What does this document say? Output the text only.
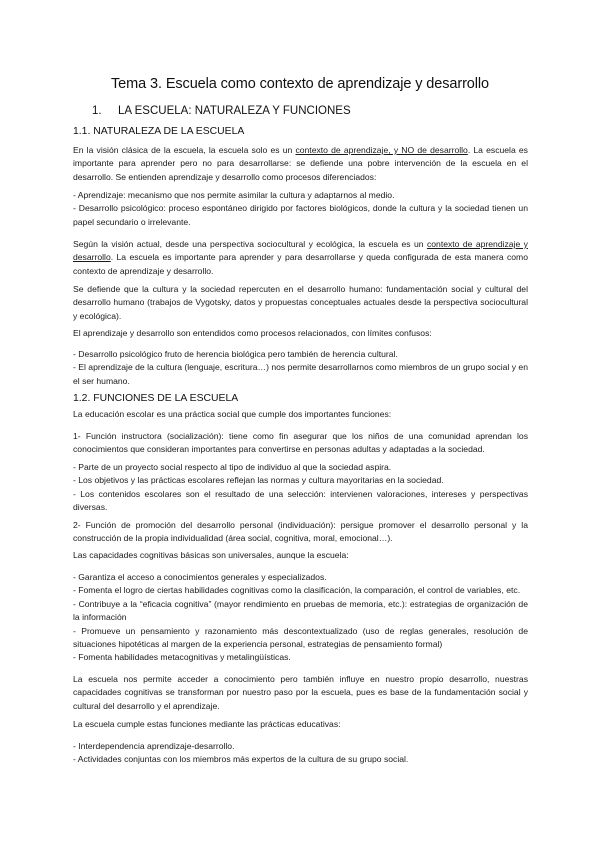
Tema 3. Escuela como contexto de aprendizaje y desarrollo
1. LA ESCUELA: NATURALEZA Y FUNCIONES
1.1. NATURALEZA DE LA ESCUELA
En la visión clásica de la escuela, la escuela solo es un contexto de aprendizaje, y NO de desarrollo. La escuela es importante para aprender pero no para desarrollarse: se defiende una pobre intervención de la escuela en el desarrollo. Se entienden aprendizaje y desarrollo como procesos diferenciados:
- Aprendizaje: mecanismo que nos permite asimilar la cultura y adaptarnos al medio.
- Desarrollo psicológico: proceso espontáneo dirigido por factores biológicos, donde la cultura y la sociedad tienen un papel secundario o irrelevante.
Según la visión actual, desde una perspectiva sociocultural y ecológica, la escuela es un contexto de aprendizaje y desarrollo. La escuela es importante para aprender y para desarrollarse y queda configurada de esta manera como contexto de aprendizaje y desarrollo.
Se defiende que la cultura y la sociedad repercuten en el desarrollo humano: fundamentación social y cultural del desarrollo humano (trabajos de Vygotsky, datos y propuestas conceptuales actuales desde la perspectiva sociocultural y ecológica).
El aprendizaje y desarrollo son entendidos como procesos relacionados, con límites confusos:
- Desarrollo psicológico fruto de herencia biológica pero también de herencia cultural.
- El aprendizaje de la cultura (lenguaje, escritura…) nos permite desarrollarnos como miembros de un grupo social y en el ser humano.
1.2. FUNCIONES DE LA ESCUELA
La educación escolar es una práctica social que cumple dos importantes funciones:
1- Función instructora (socialización): tiene como fin asegurar que los niños de una comunidad aprendan los conocimientos que consideran importantes para convertirse en personas adultas y adaptadas a la sociedad.
- Parte de un proyecto social respecto al tipo de individuo al que la sociedad aspira.
- Los objetivos y las prácticas escolares reflejan las normas y cultura mayoritarias en la sociedad.
- Los contenidos escolares son el resultado de una selección: intervienen valoraciones, intereses y perspectivas diversas.
2- Función de promoción del desarrollo personal (individuación): persigue promover el desarrollo personal y la construcción de la propia individualidad (área social, cognitiva, moral, emocional…).
Las capacidades cognitivas básicas son universales, aunque la escuela:
- Garantiza el acceso a conocimientos generales y especializados.
- Fomenta el logro de ciertas habilidades cognitivas como la clasificación, la comparación, el control de variables, etc.
- Contribuye a la “eficacia cognitiva” (mayor rendimiento en pruebas de memoria, etc.): estrategias de organización de la información
- Promueve un pensamiento y razonamiento más descontextualizado (uso de reglas generales, resolución de situaciones hipotéticas al margen de la experiencia personal, estrategias de pensamiento formal)
- Fomenta habilidades metacognitivas y metalingüísticas.
La escuela nos permite acceder a conocimiento pero también influye en nuestro propio desarrollo, nuestras capacidades cognitivas se transforman por nuestro paso por la escuela, pues es base de la fundamentación social y cultural del desarrollo y el aprendizaje.
La escuela cumple estas funciones mediante las prácticas educativas:
- Interdependencia aprendizaje-desarrollo.
- Actividades conjuntas con los miembros más expertos de la cultura de su grupo social.
